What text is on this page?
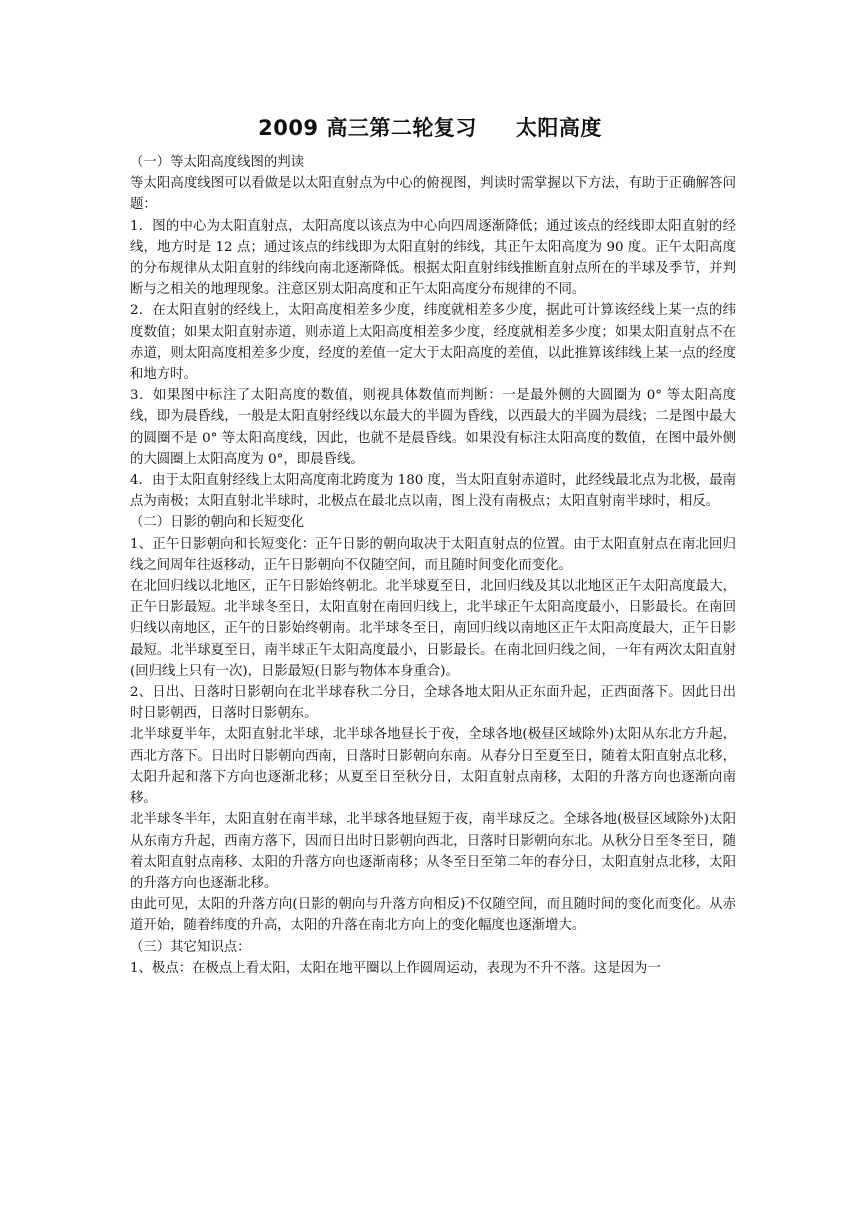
2009 高三第二轮复习     太阳高度

（一）等太阳高度线图的判读

等太阳高度线图可以看做是以太阳直射点为中心的俯视图，判读时需掌握以下方法，有助于正确解答问题：

1．图的中心为太阳直射点，太阳高度以该点为中心向四周逐渐降低；通过该点的经线即太阳直射的经线，地方时是 12 点；通过该点的纬线即为太阳直射的纬线，其正午太阳高度为 90 度。正午太阳高度的分布规律从太阳直射的纬线向南北逐渐降低。根据太阳直射纬线推断直射点所在的半球及季节，并判断与之相关的地理现象。注意区别太阳高度和正午太阳高度分布规律的不同。

2．在太阳直射的经线上，太阳高度相差多少度，纬度就相差多少度，据此可计算该经线上某一点的纬度数值；如果太阳直射赤道，则赤道上太阳高度相差多少度，经度就相差多少度；如果太阳直射点不在赤道，则太阳高度相差多少度，经度的差值一定大于太阳高度的差值，以此推算该纬线上某一点的经度和地方时。

3．如果图中标注了太阳高度的数值，则视具体数值而判断：一是最外侧的大圆圈为 0° 等太阳高度线，即为晨昏线，一般是太阳直射经线以东最大的半圆为昏线，以西最大的半圆为晨线；二是图中最大的圆圈不是 0° 等太阳高度线，因此，也就不是晨昏线。如果没有标注太阳高度的数值，在图中最外侧的大圆圈上太阳高度为 0°，即晨昏线。

4．由于太阳直射经线上太阳高度南北跨度为 180 度，当太阳直射赤道时，此经线最北点为北极，最南点为南极；太阳直射北半球时，北极点在最北点以南，图上没有南极点；太阳直射南半球时，相反。

（二）日影的朝向和长短变化

1、正午日影朝向和长短变化：正午日影的朝向取决于太阳直射点的位置。由于太阳直射点在南北回归线之间周年往返移动，正午日影朝向不仅随空间，而且随时间变化而变化。

在北回归线以北地区，正午日影始终朝北。北半球夏至日，北回归线及其以北地区正午太阳高度最大，正午日影最短。北半球冬至日，太阳直射在南回归线上，北半球正午太阳高度最小，日影最长。在南回归线以南地区，正午的日影始终朝南。北半球冬至日，南回归线以南地区正午太阳高度最大，正午日影最短。北半球夏至日，南半球正午太阳高度最小，日影最长。在南北回归线之间，一年有两次太阳直射(回归线上只有一次)，日影最短(日影与物体本身重合)。

2、日出、日落时日影朝向在北半球春秋二分日，全球各地太阳从正东面升起，正西面落下。因此日出时日影朝西，日落时日影朝东。

北半球夏半年，太阳直射北半球，北半球各地昼长于夜，全球各地(极昼区域除外)太阳从东北方升起，西北方落下。日出时日影朝向西南，日落时日影朝向东南。从春分日至夏至日，随着太阳直射点北移，太阳升起和落下方向也逐渐北移；从夏至日至秋分日，太阳直射点南移，太阳的升落方向也逐渐向南移。

北半球冬半年，太阳直射在南半球，北半球各地昼短于夜，南半球反之。全球各地(极昼区域除外)太阳从东南方升起，西南方落下，因而日出时日影朝向西北，日落时日影朝向东北。从秋分日至冬至日，随着太阳直射点南移、太阳的升落方向也逐渐南移；从冬至日至第二年的春分日，太阳直射点北移，太阳的升落方向也逐渐北移。

由此可见，太阳的升落方向(日影的朝向与升落方向相反)不仅随空间，而且随时间的变化而变化。从赤道开始，随着纬度的升高，太阳的升落在南北方向上的变化幅度也逐渐增大。

（三）其它知识点：

1、极点：在极点上看太阳，太阳在地平圈以上作圆周运动，表现为不升不落。这是因为一
